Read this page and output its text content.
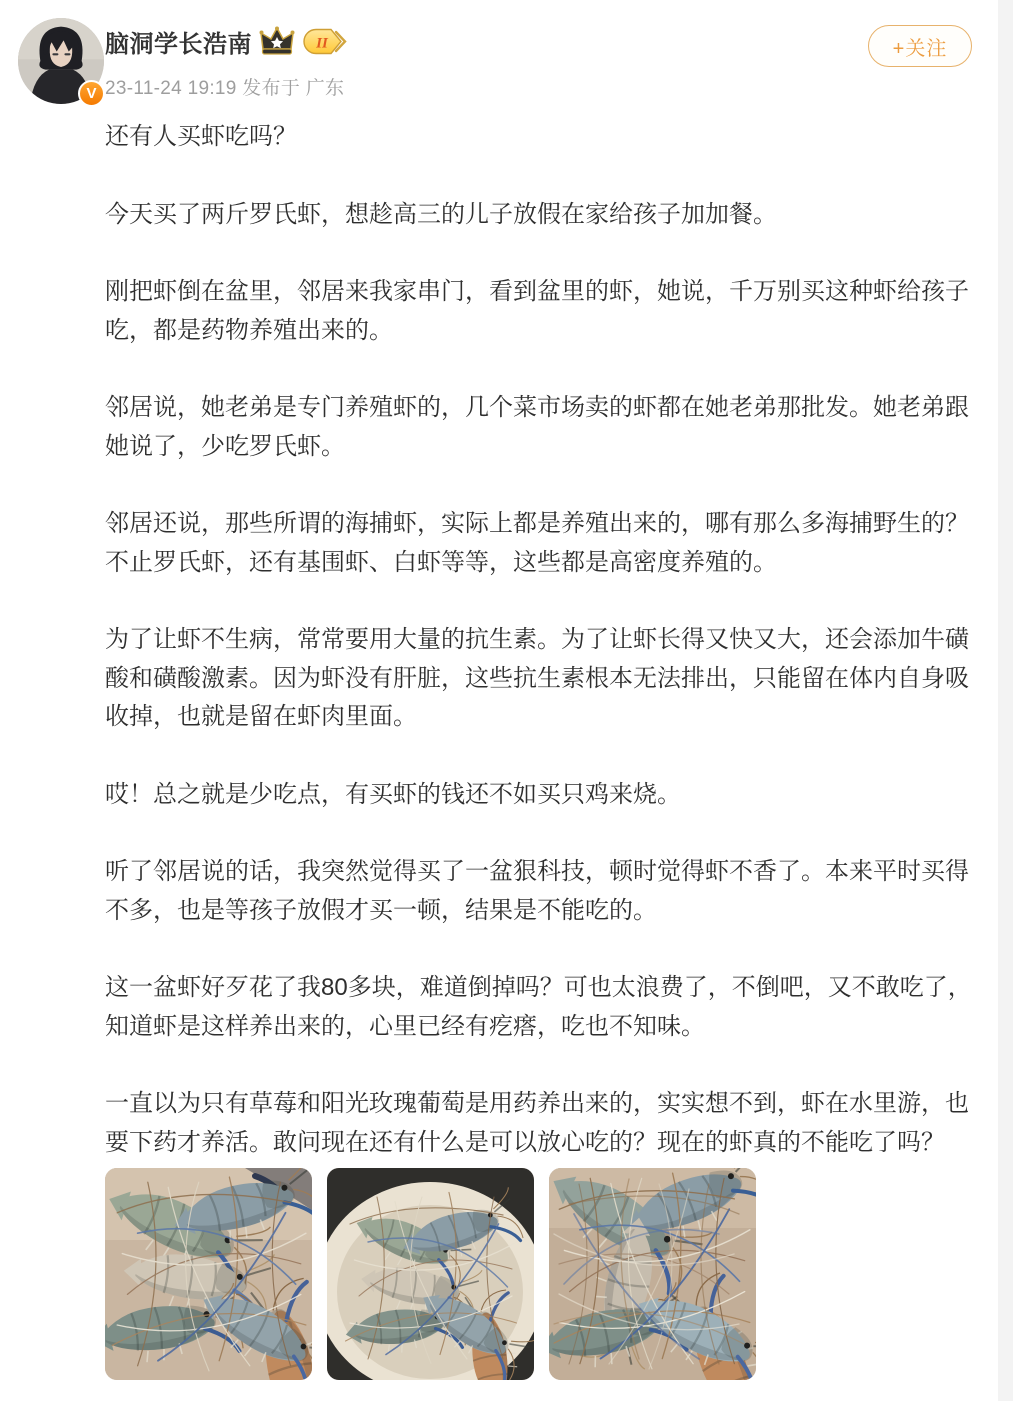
V
脑洞学长浩南	II
23-11-24 19:19 发布于 广东
+关注

还有人买虾吃吗？

今天买了两斤罗氏虾，想趁高三的儿子放假在家给孩子加加餐。

刚把虾倒在盆里，邻居来我家串门，看到盆里的虾，她说，千万别买这种虾给孩子吃，都是药物养殖出来的。

邻居说，她老弟是专门养殖虾的，几个菜市场卖的虾都在她老弟那批发。她老弟跟她说了，少吃罗氏虾。

邻居还说，那些所谓的海捕虾，实际上都是养殖出来的，哪有那么多海捕野生的？不止罗氏虾，还有基围虾、白虾等等，这些都是高密度养殖的。

为了让虾不生病，常常要用大量的抗生素。为了让虾长得又快又大，还会添加牛磺酸和磺酸激素。因为虾没有肝脏，这些抗生素根本无法排出，只能留在体内自身吸收掉，也就是留在虾肉里面。

哎！总之就是少吃点，有买虾的钱还不如买只鸡来烧。

听了邻居说的话，我突然觉得买了一盆狠科技，顿时觉得虾不香了。本来平时买得不多，也是等孩子放假才买一顿，结果是不能吃的。

这一盆虾好歹花了我80多块，难道倒掉吗？可也太浪费了，不倒吧，又不敢吃了，知道虾是这样养出来的，心里已经有疙瘩，吃也不知味。

一直以为只有草莓和阳光玫瑰葡萄是用药养出来的，实实想不到，虾在水里游，也要下药才养活。敢问现在还有什么是可以放心吃的？现在的虾真的不能吃了吗？
